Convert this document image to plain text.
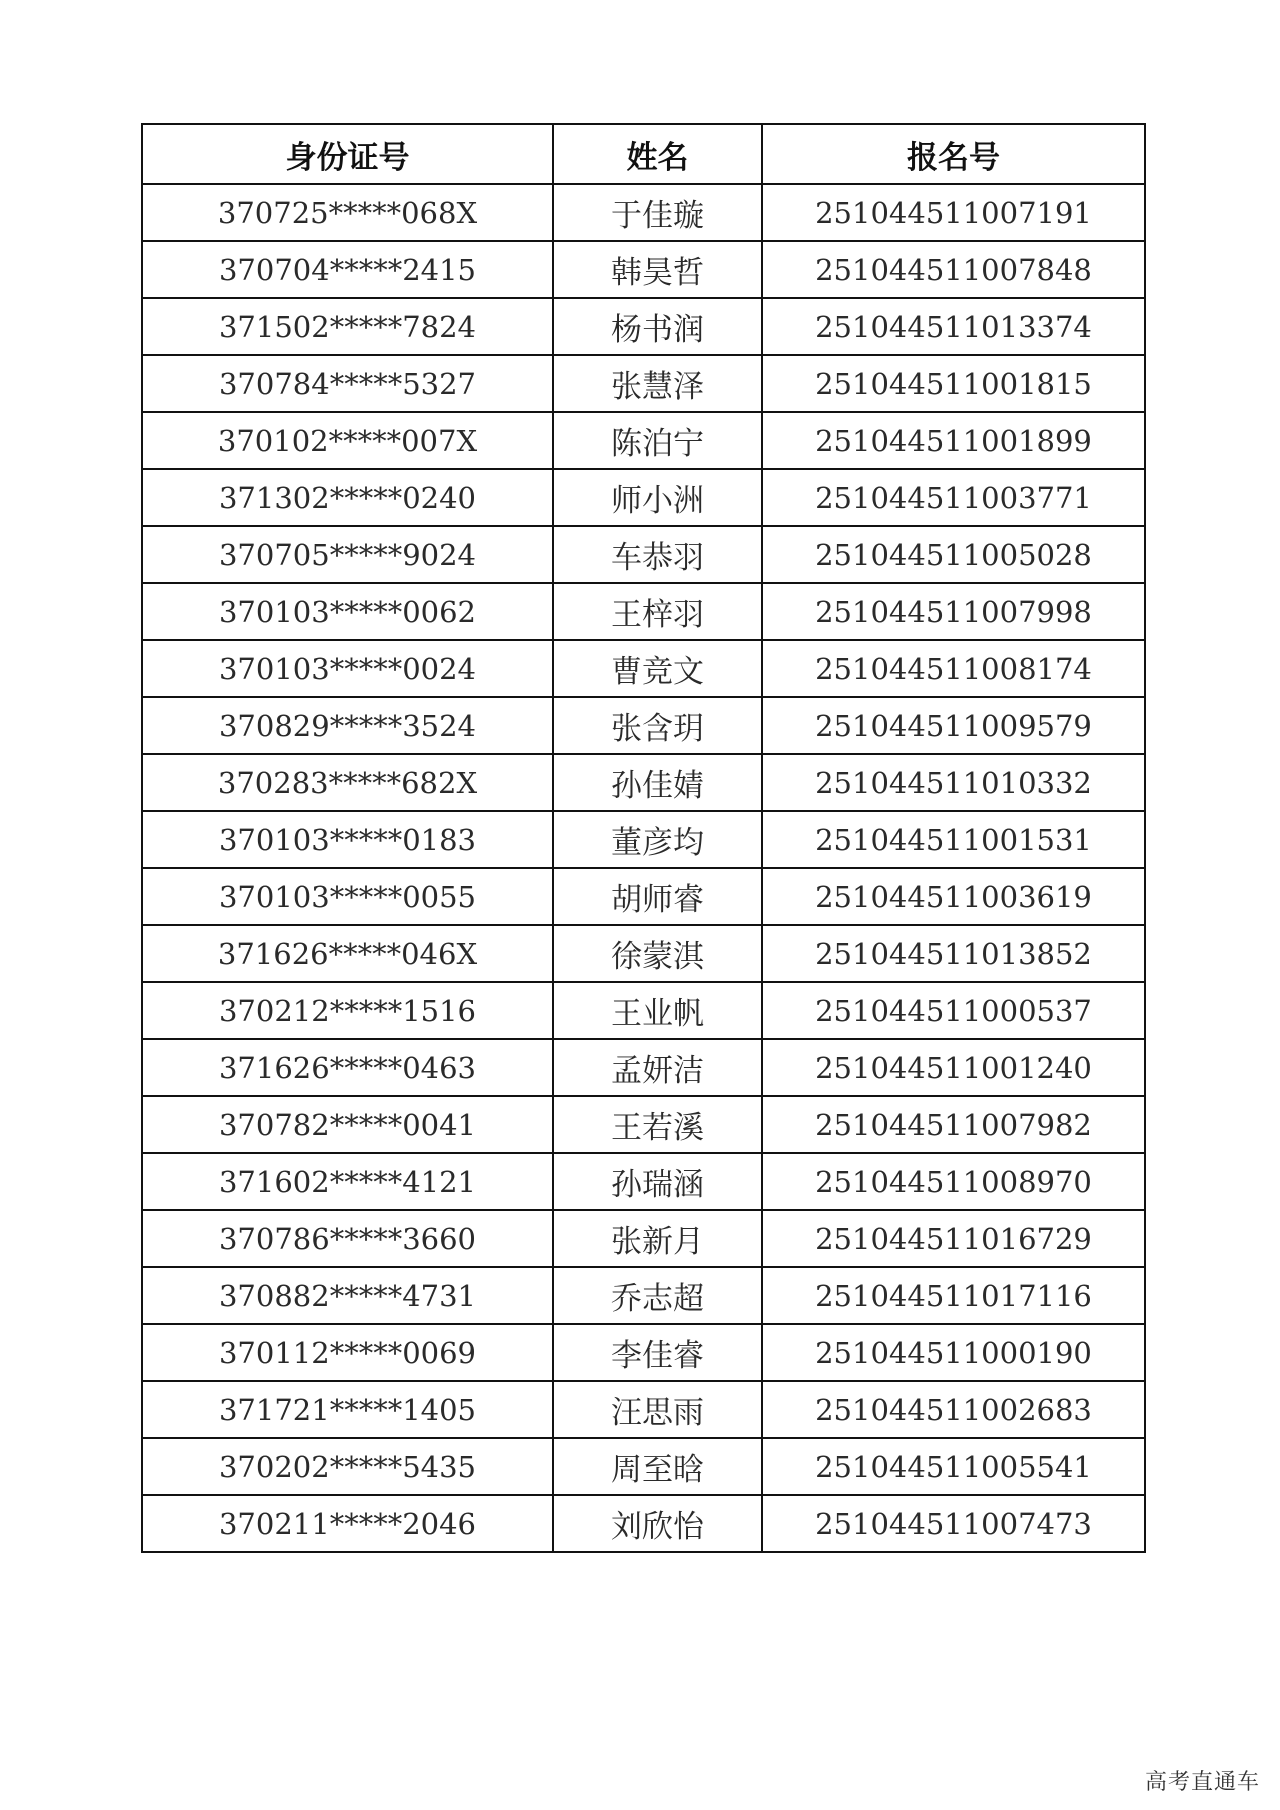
身份证号	姓名	报名号
370725*****068X	于佳璇	251044511007191
370704*****2415	韩昊哲	251044511007848
371502*****7824	杨书润	251044511013374
370784*****5327	张慧泽	251044511001815
370102*****007X	陈泊宁	251044511001899
371302*****0240	师小洲	251044511003771
370705*****9024	车恭羽	251044511005028
370103*****0062	王梓羽	251044511007998
370103*****0024	曹竞文	251044511008174
370829*****3524	张含玥	251044511009579
370283*****682X	孙佳婧	251044511010332
370103*****0183	董彦均	251044511001531
370103*****0055	胡师睿	251044511003619
371626*****046X	徐蒙淇	251044511013852
370212*****1516	王业帆	251044511000537
371626*****0463	孟妍洁	251044511001240
370782*****0041	王若溪	251044511007982
371602*****4121	孙瑞涵	251044511008970
370786*****3660	张新月	251044511016729
370882*****4731	乔志超	251044511017116
370112*****0069	李佳睿	251044511000190
371721*****1405	汪思雨	251044511002683
370202*****5435	周至晗	251044511005541
370211*****2046	刘欣怡	251044511007473
高考直通车
